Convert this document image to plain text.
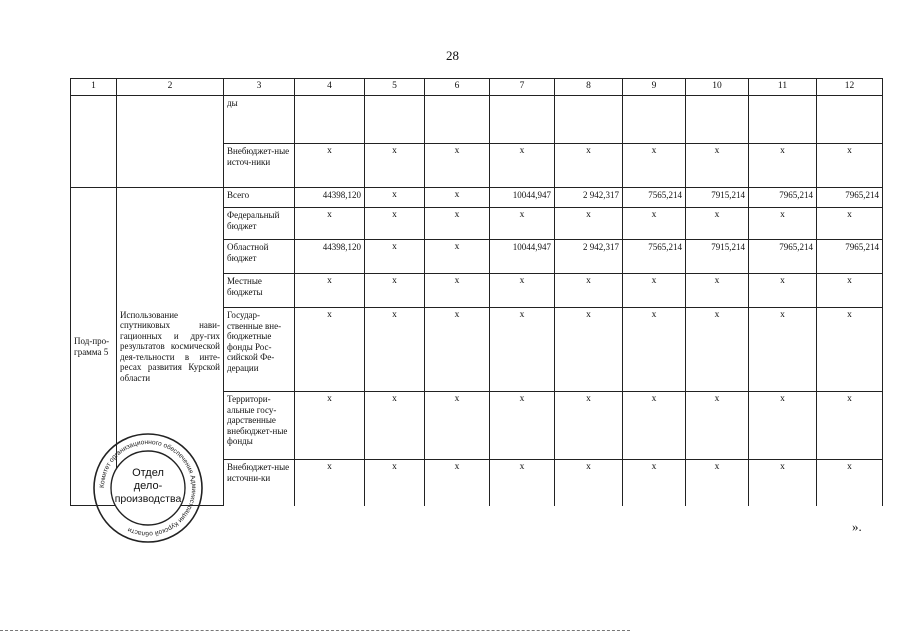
28
1	2	3	4	5	6	7	8	9	10	11	12
		ды									
		Внебюджет-ные источ-ники	х	х	х	х	х	х	х	х	х
Под-про-грамма 5	Использование спутниковых нави-гационных и дру-гих результатов космической дея-тельности в инте-ресах развития Курской области	Всего	44398,120	х	х	10044,947	2 942,317	7565,214	7915,214	7965,214	7965,214
		Федеральный бюджет	х	х	х	х	х	х	х	х	х
		Областной бюджет	44398,120	х	х	10044,947	2 942,317	7565,214	7915,214	7965,214	7965,214
		Местные бюджеты	х	х	х	х	х	х	х	х	х
		Государ-ственные вне-бюджетные фонды Рос-сийской Фе-дерации	х	х	х	х	х	х	х	х	х
		Территори-альные госу-дарственные внебюджет-ные фонды	х	х	х	х	х	х	х	х	х
		Внебюджет-ные источни-ки	х	х	х	х	х	х	х	х	х
».
Комитет организационного обеспечения Администрации Курской области
Отдел
дело-
производства
